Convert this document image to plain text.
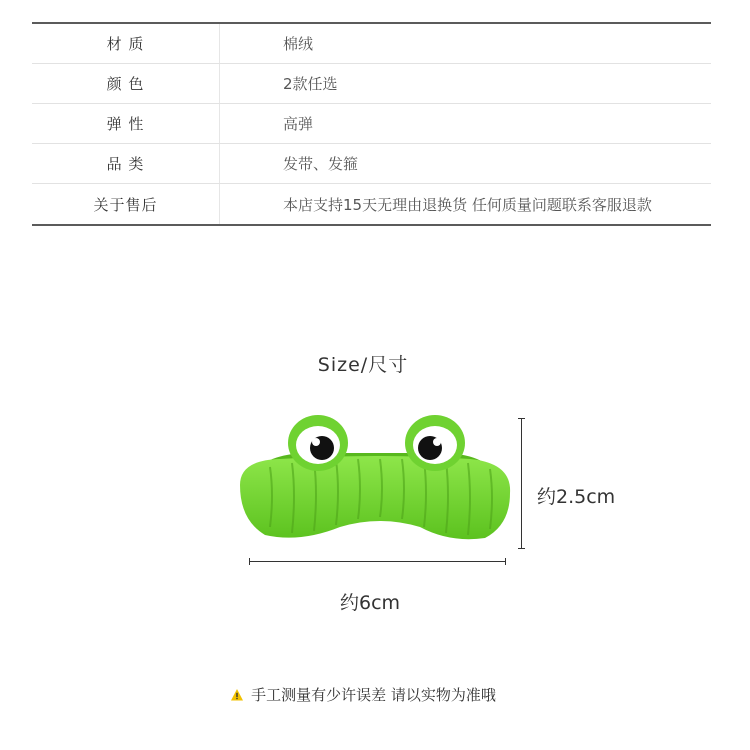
材 质	棉绒
颜 色	2款任选
弹 性	高弹
品 类	发带、发箍
关于售后	本店支持15天无理由退换货 任何质量问题联系客服退款
Size/尺寸
约6cm
约2.5cm
手工测量有少许误差 请以实物为准哦
